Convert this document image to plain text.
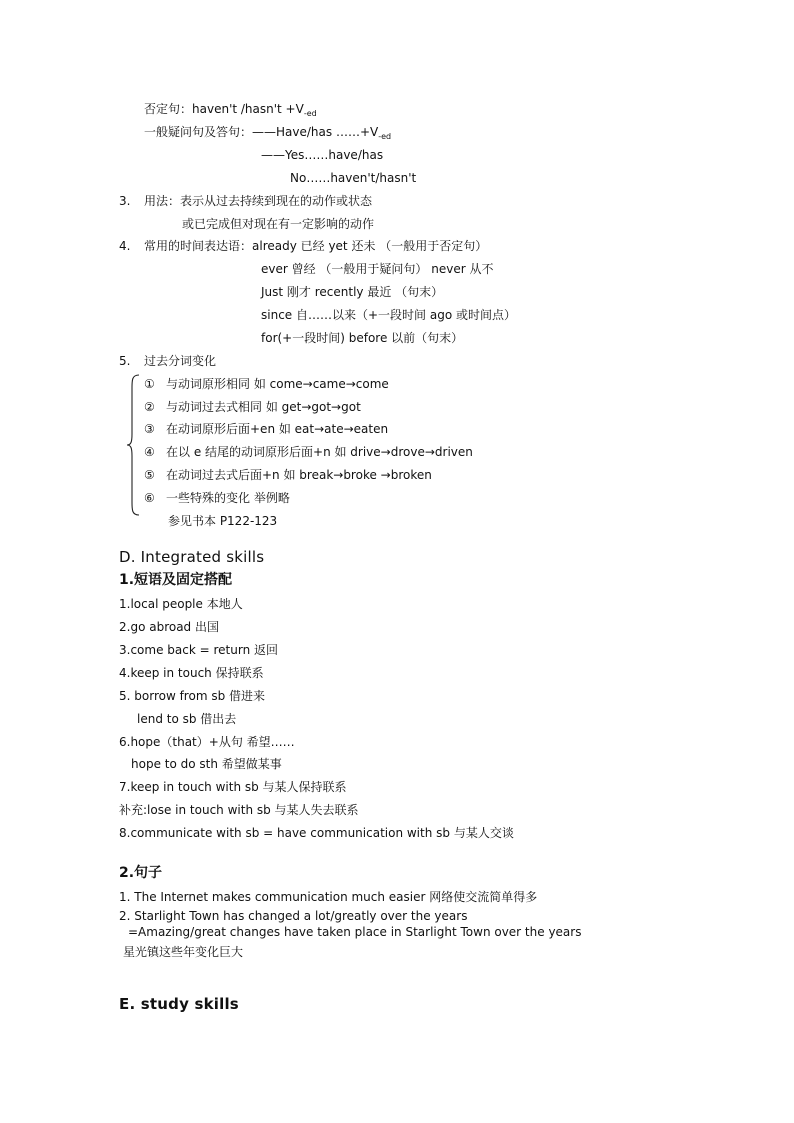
否定句：haven't /hasn't $+V_{-ed}$
一般疑问句及答句：——Have/has $\dots\dots+V_{-ed}$
——Yes……have/has
No……haven't/hasn't
3. 用法：表示从过去持续到现在的动作或状态
或已完成但对现在有一定影响的动作
4. 常用的时间表达语：already 已经 yet 还未 （一般用于否定句）
ever 曾经 （一般用于疑问句） never 从不
Just 刚才 recently 最近 （句末）
since 自……以来（+一段时间 ago 或时间点）
for(+一段时间) before 以前（句末）
5. 过去分词变化
① 与动词原形相同 如 come→came→come
② 与动词过去式相同 如 get→got→got
③ 在动词原形后面+en 如 eat→ate→eaten
④ 在以 e 结尾的动词原形后面+n 如 drive→drove→driven
⑤ 在动词过去式后面+n 如 break→broke →broken
⑥ 一些特殊的变化 举例略
参见书本 P122-123
D. Integrated skills
1.短语及固定搭配
1.local people 本地人
2.go abroad 出国
3.come back = return 返回
4.keep in touch 保持联系
5. borrow from sb 借进来
lend to sb 借出去
6.hope（that）+从句 希望……
hope to do sth 希望做某事
7.keep in touch with sb 与某人保持联系
补充:lose in touch with sb 与某人失去联系
8.communicate with sb = have communication with sb 与某人交谈
2.句子
1. The Internet makes communication much easier 网络使交流简单得多
2. Starlight Town has changed a lot/greatly over the years
=Amazing/great changes have taken place in Starlight Town over the years
星光镇这些年变化巨大
E. study skills
